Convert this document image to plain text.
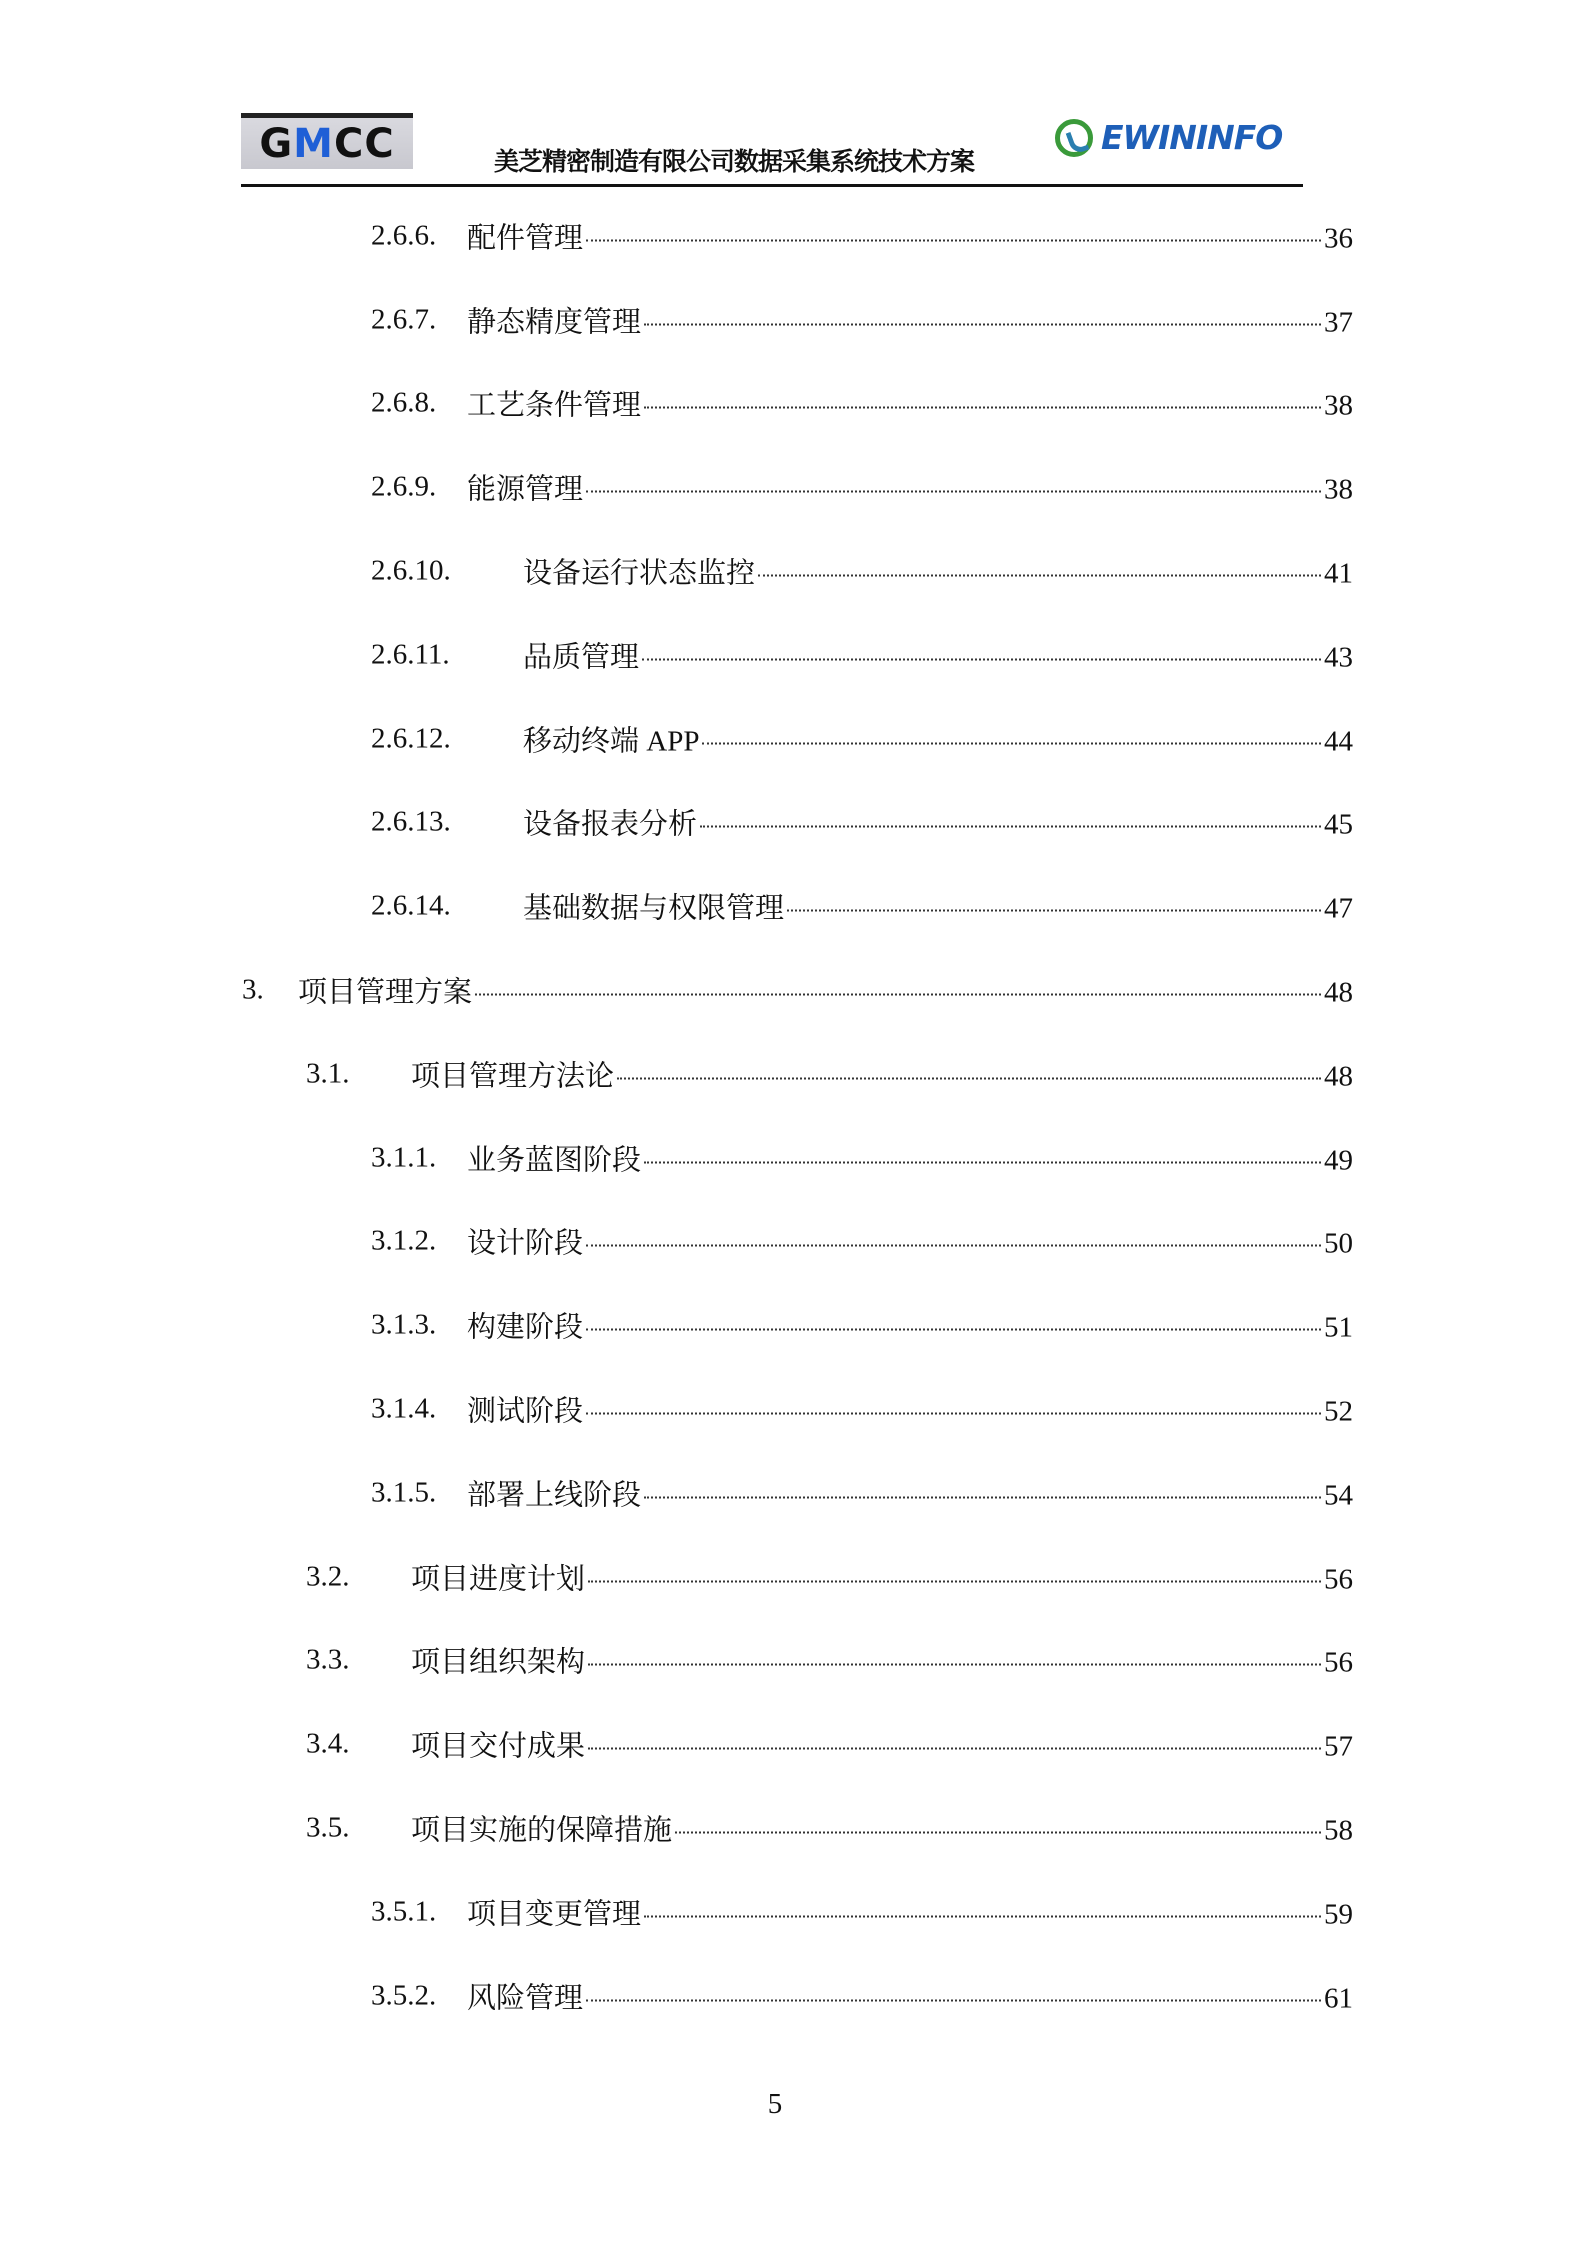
G M CC	美芝精密制造有限公司数据采集系统技术方案
EWININFO
2.6.6. 配件管理	36
2.6.7. 静态精度管理	37
2.6.8. 工艺条件管理	38
2.6.9. 能源管理	38
2.6.10. 设备运行状态监控	41
2.6.11.	品质管理	43
2.6.12. 移动终端 APP	44
2.6.13. 设备报表分析	45
2.6.14. 基础数据与权限管理	47
3. 项目管理方案	48
3.1. 项目管理方法论	48
3.1.1. 业务蓝图阶段	49
3.1.2. 设计阶段	50
3.1.3. 构建阶段	51
3.1.4. 测试阶段	52
3.1.5. 部署上线阶段	54
3.2. 项目进度计划	56
3.3. 项目组织架构	56
3.4. 项目交付成果	57
3.5. 项目实施的保障措施	58
3.5.1. 项目变更管理	59
3.5.2. 风险管理	61
5
